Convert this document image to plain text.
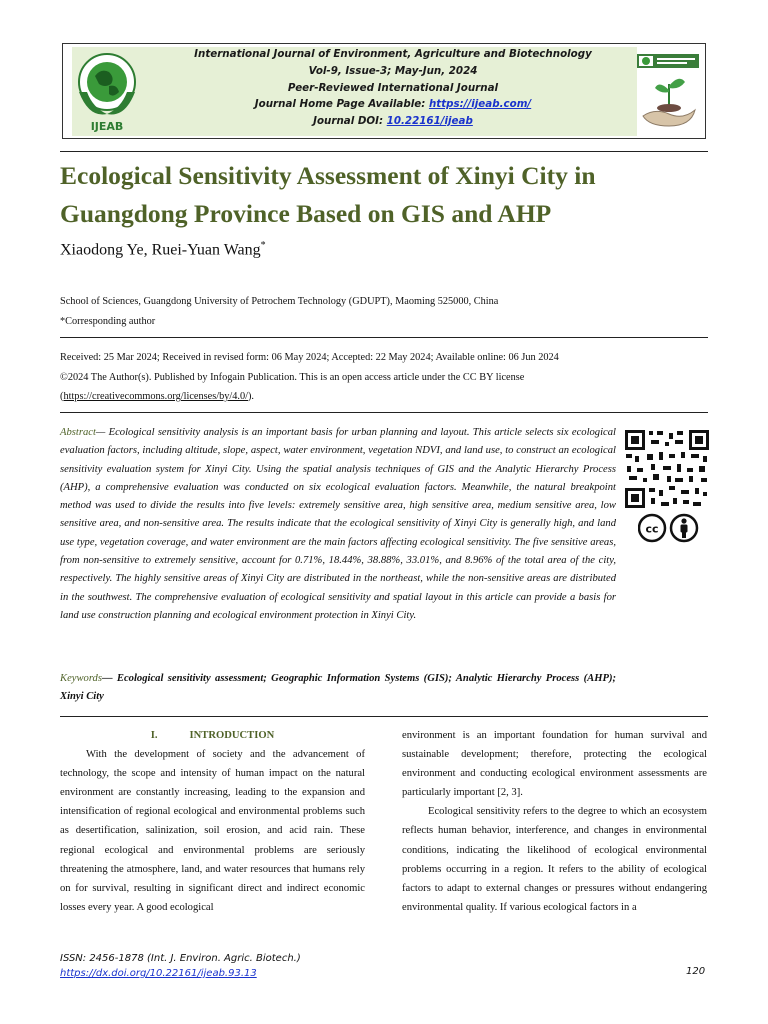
IJEAB
International Journal of Environment, Agriculture and Biotechnology
Vol-9, Issue-3; May-Jun, 2024
Peer-Reviewed International Journal
Journal Home Page Available: https://ijeab.com/
Journal DOI: 10.22161/ijeab
Ecological Sensitivity Assessment of Xinyi City in
Guangdong Province Based on GIS and AHP
Xiaodong Ye, Ruei-Yuan Wang*
School of Sciences, Guangdong University of Petrochem Technology (GDUPT), Maoming 525000, China
*Corresponding author
Received: 25 Mar 2024; Received in revised form: 06 May 2024; Accepted: 22 May 2024; Available online: 06 Jun 2024
©2024 The Author(s). Published by Infogain Publication. This is an open access article under the CC BY license
(https://creativecommons.org/licenses/by/4.0/).
Abstract— Ecological sensitivity analysis is an important basis for urban planning and layout. This article selects six ecological evaluation factors, including altitude, slope, aspect, water environment, vegetation NDVI, and land use, to construct an ecological sensitivity evaluation system for Xinyi City. Using the spatial analysis techniques of GIS and the Analytic Hierarchy Process (AHP), a comprehensive evaluation was conducted on six ecological evaluation factors. Meanwhile, the natural breakpoint method was used to divide the results into five levels: extremely sensitive area, high sensitive area, medium sensitive area, low sensitive area, and non-sensitive area. The results indicate that the ecological sensitivity of Xinyi City is generally high, and land use type, vegetation coverage, and water environment are the main factors affecting ecological sensitivity. The five sensitive areas, from non-sensitive to extremely sensitive, account for 0.71%, 18.44%, 38.88%, 33.01%, and 8.96% of the total area of the city, respectively. The highly sensitive areas of Xinyi City are distributed in the northeast, while the non-sensitive areas are distributed in the southwest. The comprehensive evaluation of ecological sensitivity and spatial layout in this article can provide a basis for land use construction planning and ecological environment protection in Xinyi City.
Keywords— Ecological sensitivity assessment; Geographic Information Systems (GIS); Analytic Hierarchy Process (AHP); Xinyi City
cc
I.	INTRODUCTION

With the development of society and the advancement of technology, the scope and intensity of human impact on the natural environment are constantly increasing, leading to the expansion and intensification of regional ecological and environmental problems such as desertification, salinization, soil erosion, and acid rain. These regional ecological and environmental problems are seriously threatening the atmosphere, land, and water resources that humans rely on for survival, resulting in significant direct and indirect economic losses every year. A good ecological

environment is an important foundation for human survival and sustainable development; therefore, protecting the ecological environment and conducting ecological environment assessments are particularly important [2, 3].

Ecological sensitivity refers to the degree to which an ecosystem reflects human behavior, interference, and changes in environmental conditions, indicating the likelihood of ecological environmental problems occurring in a region. It refers to the ability of ecological factors to adapt to external changes or pressures without endangering environmental quality. If various ecological factors in a

ISSN: 2456-1878 (Int. J. Environ. Agric. Biotech.)
https://dx.doi.org/10.22161/ijeab.93.13	120
